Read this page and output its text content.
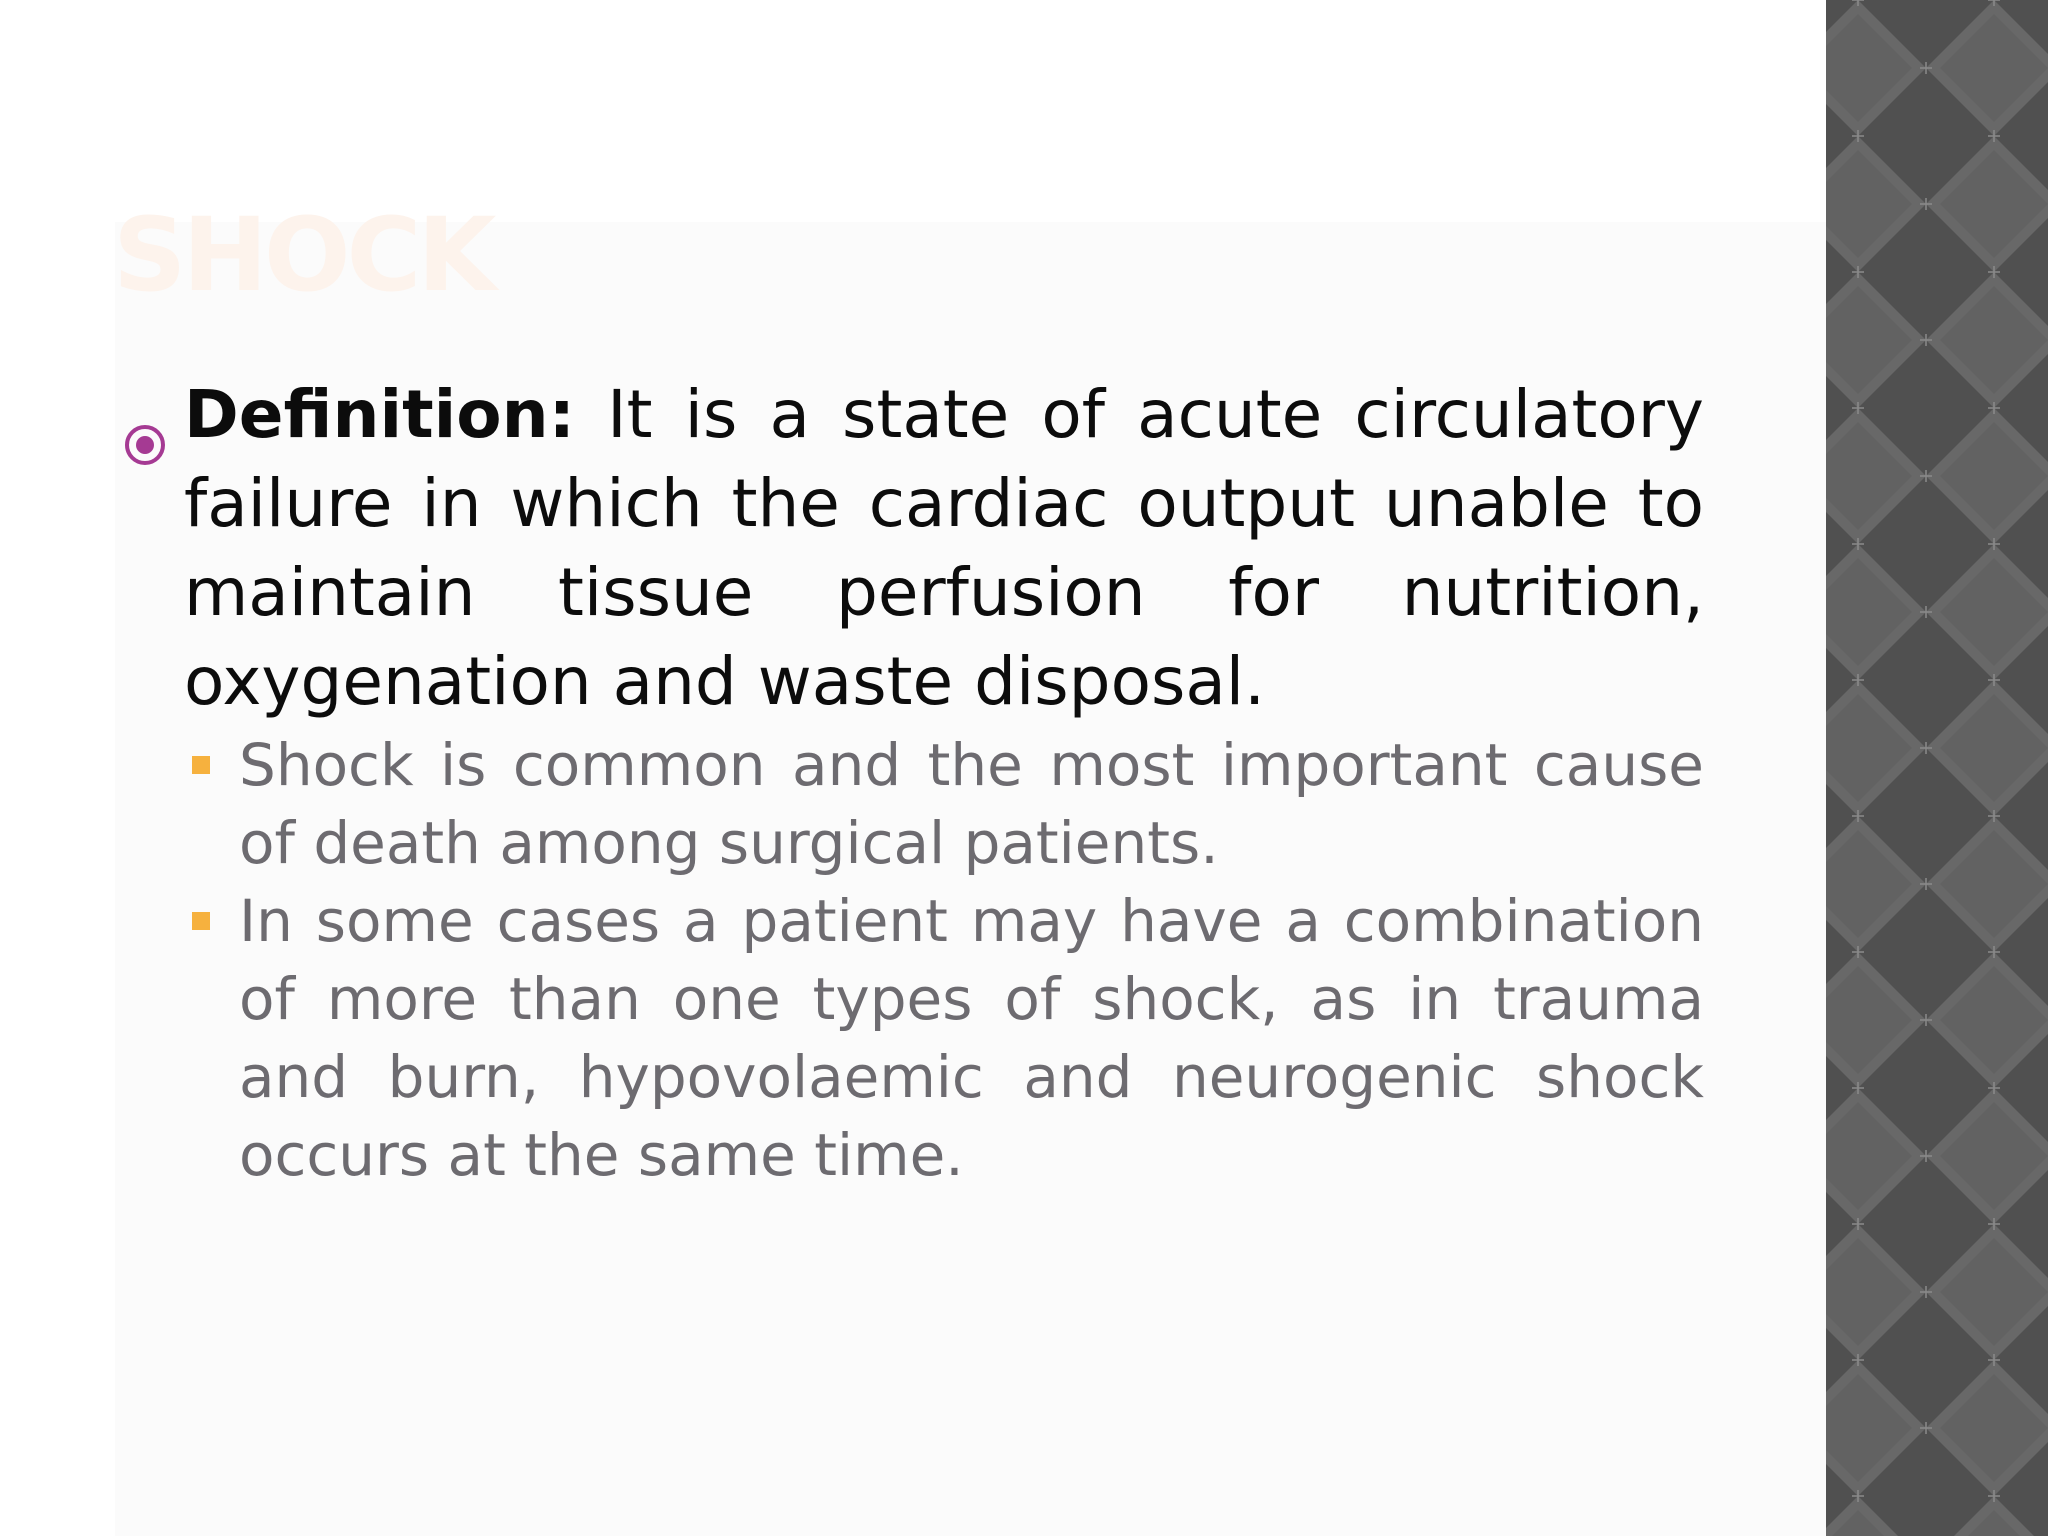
SHOCK
Definition: It is a state of acute circulatory failure in which the cardiac output unable to maintain tissue perfusion for nutrition, oxygenation and waste disposal.
Shock is common and the most important cause of death among surgical patients.
In some cases a patient may have a combination of more than one types of shock, as in trauma and burn, hypovolaemic and neurogenic shock occurs at the same time.
